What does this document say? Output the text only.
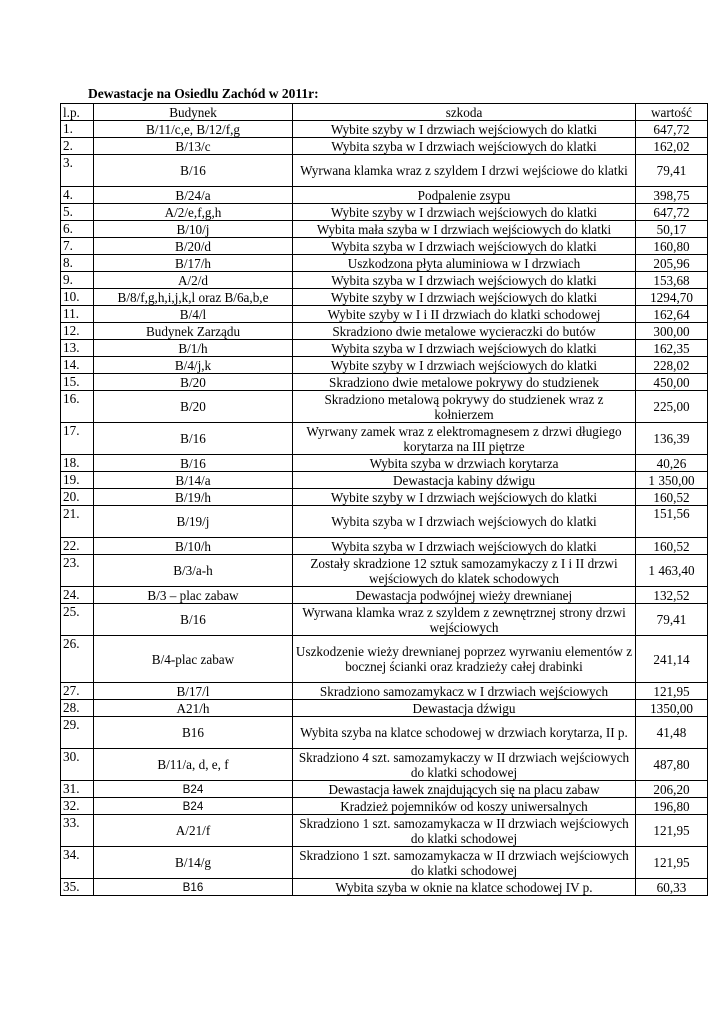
Dewastacje na Osiedlu Zachód w 2011r:
l.p.	Budynek	szkoda	wartość
1.	B/11/c,e, B/12/f,g	Wybite szyby w I drzwiach wejściowych do klatki	647,72
2.	B/13/c	Wybita szyba w I drzwiach wejściowych do klatki	162,02
3.	B/16	Wyrwana klamka wraz z szyldem I drzwi wejściowe do klatki	79,41
4.	B/24/a	Podpalenie zsypu	398,75
5.	A/2/e,f,g,h	Wybite szyby w I drzwiach wejściowych do klatki	647,72
6.	B/10/j	Wybita mała szyba w I drzwiach wejściowych do klatki	50,17
7.	B/20/d	Wybita szyba w I drzwiach wejściowych do klatki	160,80
8.	B/17/h	Uszkodzona płyta aluminiowa w I drzwiach	205,96
9.	A/2/d	Wybita szyba w I drzwiach wejściowych do klatki	153,68
10.	B/8/f,g,h,i,j,k,l oraz B/6a,b,e	Wybite szyby w I drzwiach wejściowych do klatki	1294,70
11.	B/4/l	Wybite szyby w I i II drzwiach do klatki schodowej	162,64
12.	Budynek Zarządu	Skradziono dwie metalowe wycieraczki do butów	300,00
13.	B/1/h	Wybita szyba w I drzwiach wejściowych do klatki	162,35
14.	B/4/j,k	Wybite szyby w I drzwiach wejściowych do klatki	228,02
15.	B/20	Skradziono dwie metalowe pokrywy do studzienek	450,00
16.	B/20	Skradziono metalową pokrywy do studzienek wraz z kołnierzem	225,00
17.	B/16	Wyrwany zamek wraz z elektromagnesem z drzwi długiego korytarza na III piętrze	136,39
18.	B/16	Wybita szyba w drzwiach korytarza	40,26
19.	B/14/a	Dewastacja kabiny dźwigu	1 350,00
20.	B/19/h	Wybite szyby w I drzwiach wejściowych do klatki	160,52
21.	B/19/j	Wybita szyba w I drzwiach wejściowych do klatki	151,56
22.	B/10/h	Wybita szyba w I drzwiach wejściowych do klatki	160,52
23.	B/3/a-h	Zostały skradzione 12 sztuk samozamykaczy z I i II drzwi wejściowych do klatek schodowych	1 463,40
24.	B/3 – plac zabaw	Dewastacja podwójnej wieży drewnianej	132,52
25.	B/16	Wyrwana klamka wraz z szyldem z zewnętrznej strony drzwi wejściowych	79,41
26.	B/4-plac zabaw	Uszkodzenie wieży drewnianej poprzez wyrwaniu elementów z bocznej ścianki oraz kradzieży całej drabinki	241,14
27.	B/17/l	Skradziono samozamykacz w I drzwiach wejściowych	121,95
28.	A21/h	Dewastacja dźwigu	1350,00
29.	B16	Wybita szyba na klatce schodowej w drzwiach korytarza, II p.	41,48
30.	B/11/a, d, e, f	Skradziono 4 szt. samozamykaczy w II drzwiach wejściowych do klatki schodowej	487,80
31.	B24	Dewastacja ławek znajdujących się na placu zabaw	206,20
32.	B24	Kradzież pojemników od koszy uniwersalnych	196,80
33.	A/21/f	Skradziono 1 szt. samozamykacza w II drzwiach wejściowych do klatki schodowej	121,95
34.	B/14/g	Skradziono 1 szt. samozamykacza w II drzwiach wejściowych do klatki schodowej	121,95
35.	B16	Wybita szyba w oknie na klatce schodowej IV p.	60,33
